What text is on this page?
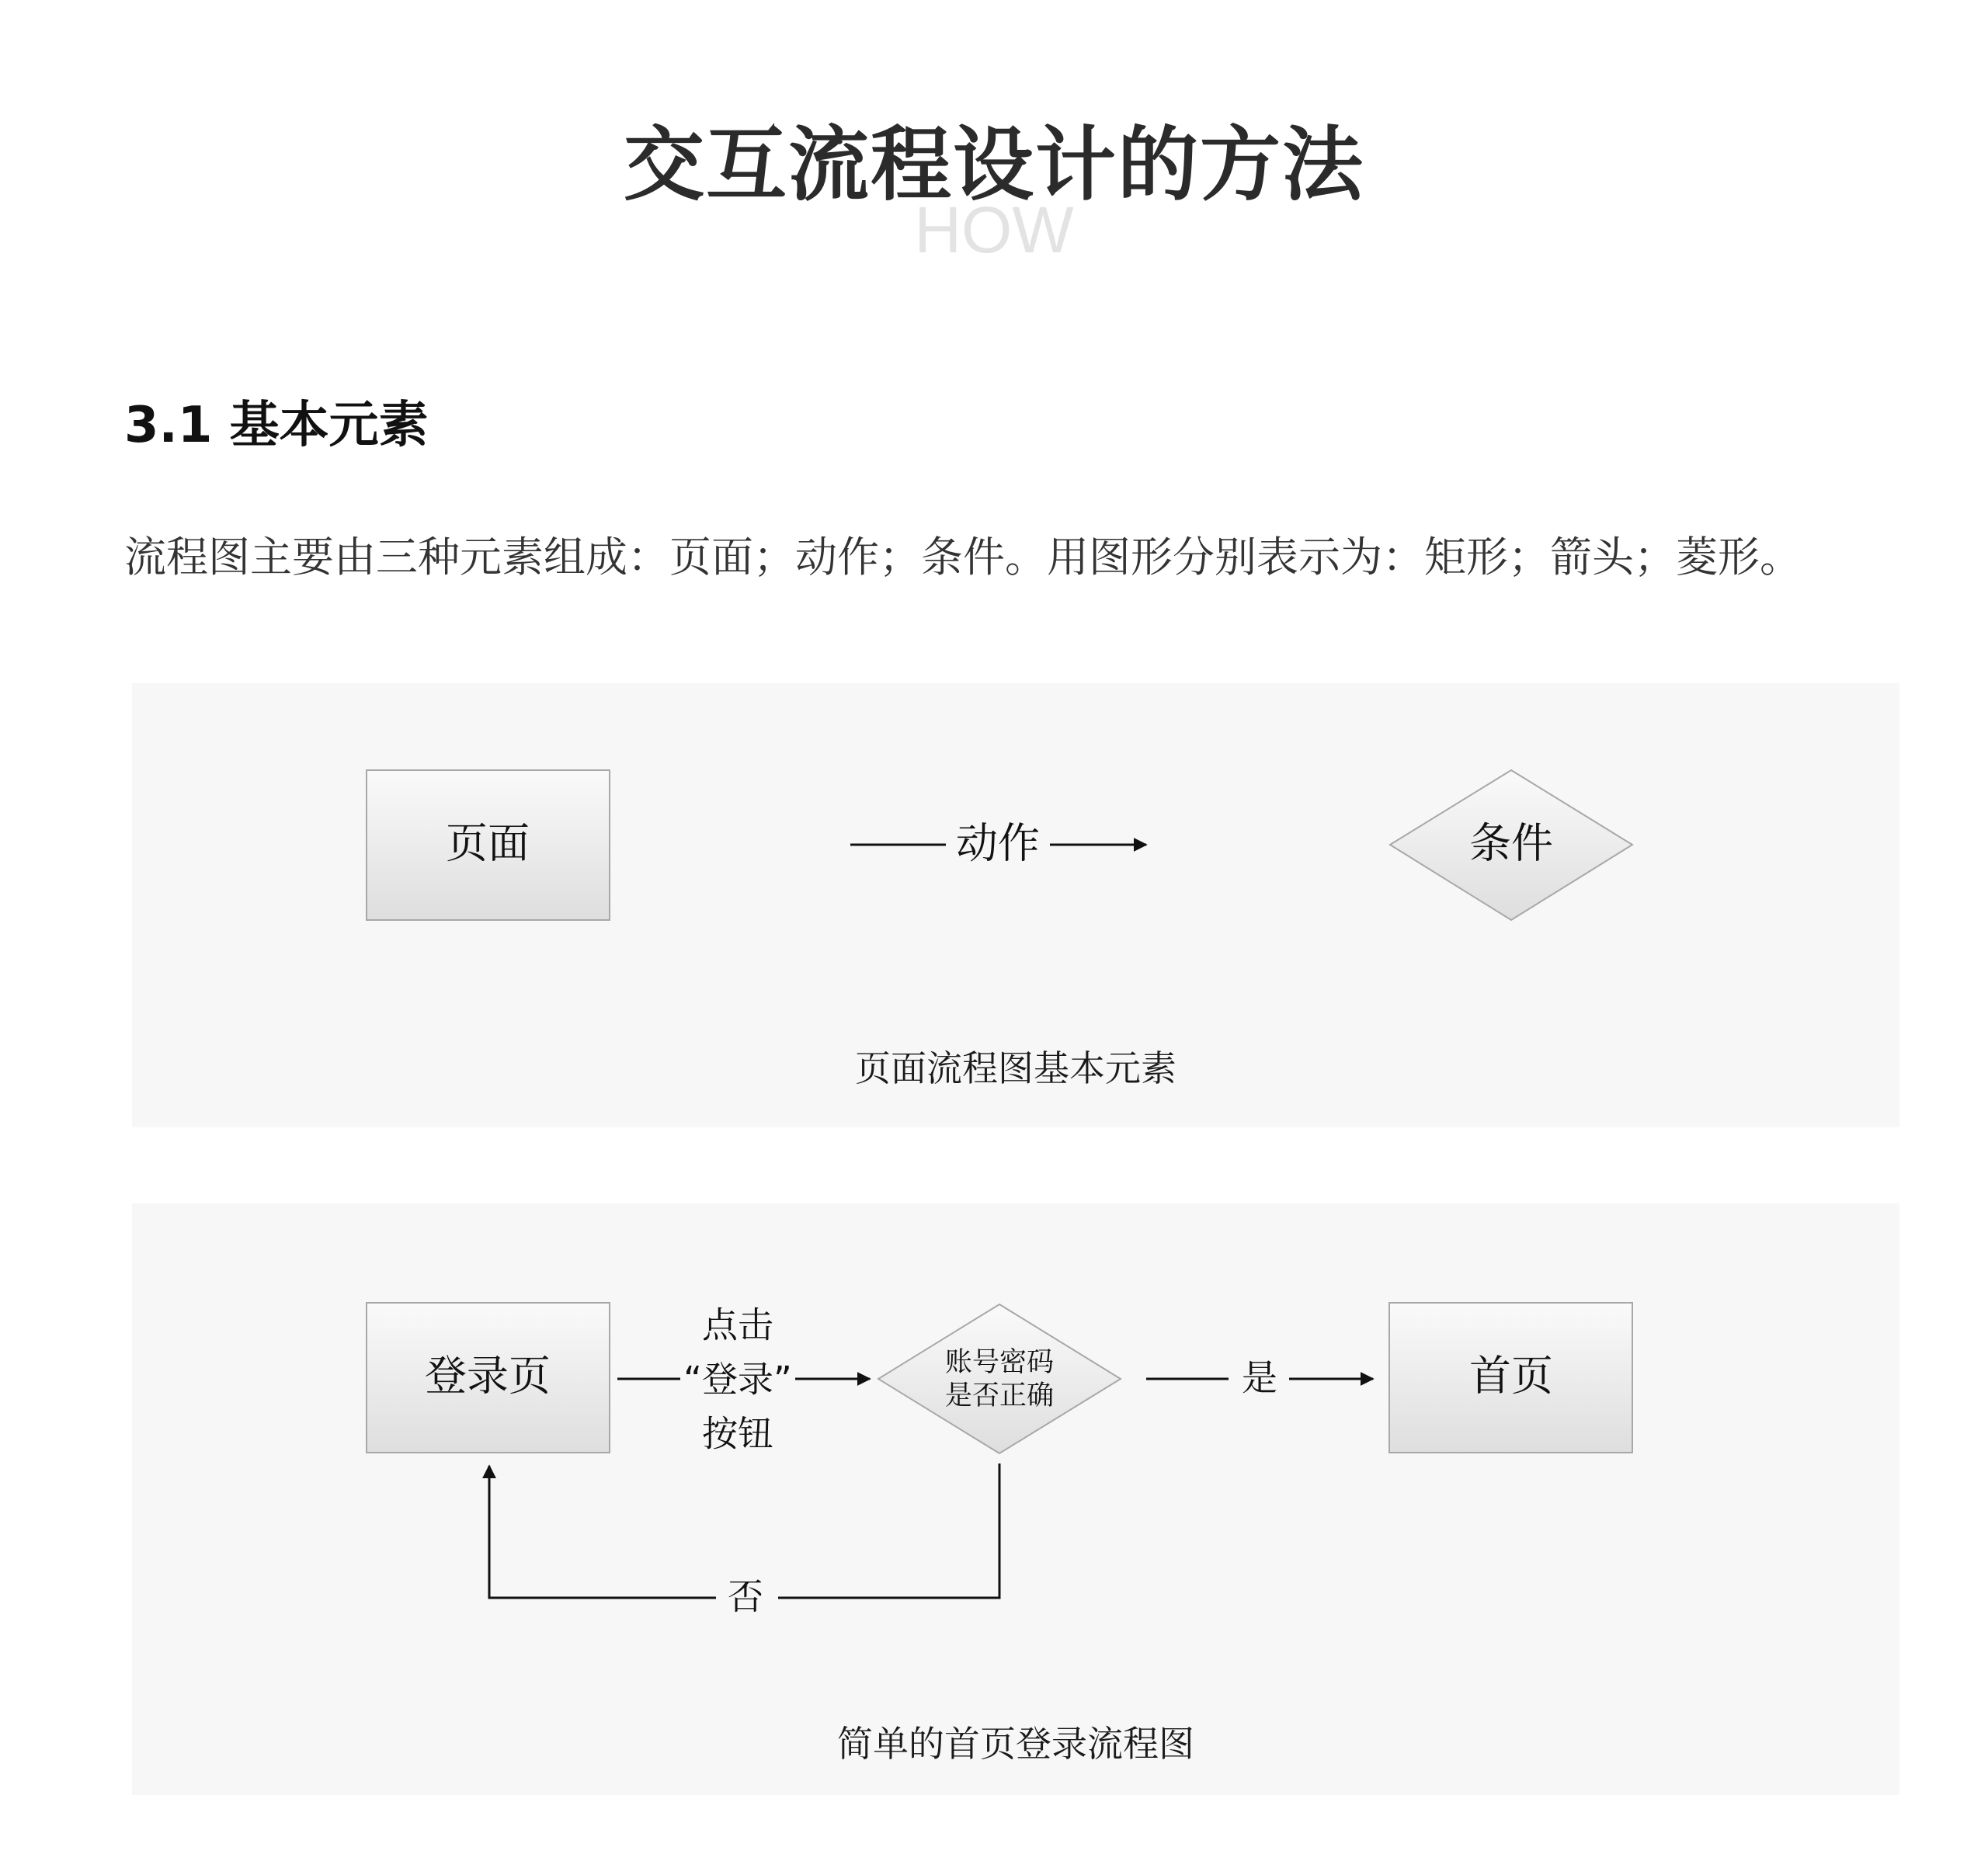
交互流程设计的方法
HOW
3.1 基本元素
流程图主要由三种元素组成：页面；动作；条件。用图形分别表示为：矩形；箭头；菱形。
页面	动作	条件
页面流程图基本元素
登录页
点击
“登录”
按钮
账号密码
是否正确	是	首页
否
简单的首页登录流程图
